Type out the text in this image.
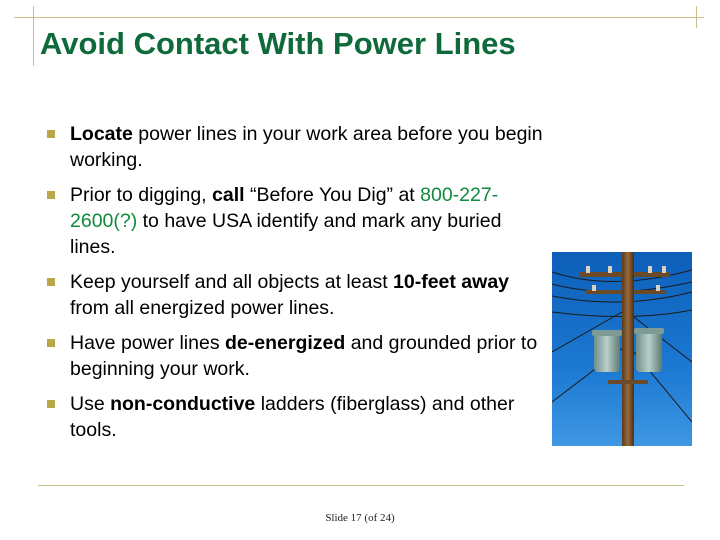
Avoid Contact With Power Lines
Locate power lines in your work area before you begin working.
Prior to digging, call “Before You Dig” at 800-227-2600(?) to have USA identify and mark any buried lines.
Keep yourself and all objects at least 10-feet away from all energized power lines.
Have power lines de-energized and grounded prior to beginning your work.
Use non-conductive ladders (fiberglass) and other tools.
Slide 17 (of 24)
